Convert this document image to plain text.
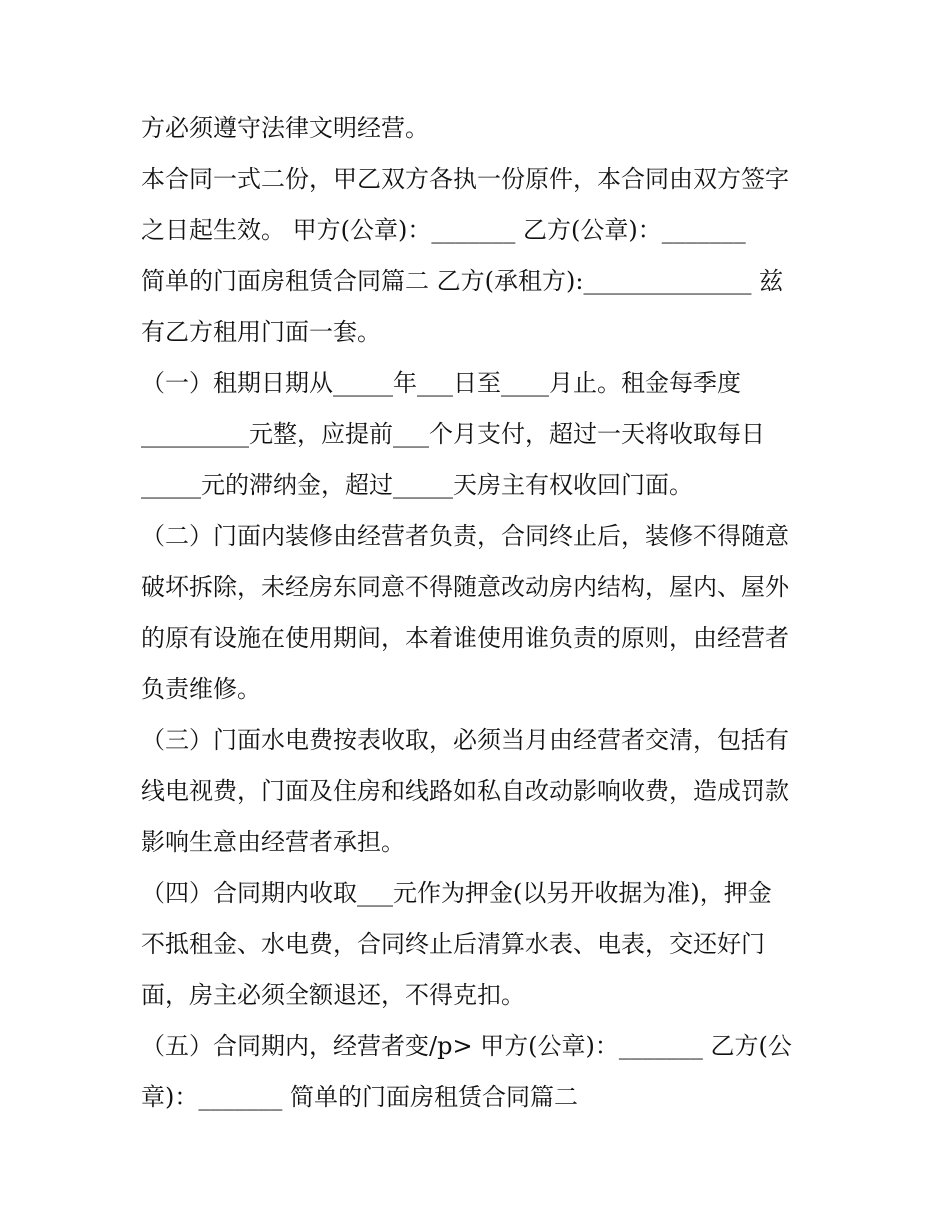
方必须遵守法律文明经营。
本合同一式二份，甲乙双方各执一份原件，本合同由双方签字
之日起生效。 甲方(公章)：_______ 乙方(公章)：_______
简单的门面房租赁合同篇二 乙方(承租方):______________ 兹
有乙方租用门面一套。
（一）租期日期从_____年___日至____月止。租金每季度
_________元整，应提前___个月支付，超过一天将收取每日
_____元的滞纳金，超过_____天房主有权收回门面。
（二）门面内装修由经营者负责，合同终止后，装修不得随意
破坏拆除，未经房东同意不得随意改动房内结构，屋内、屋外
的原有设施在使用期间，本着谁使用谁负责的原则，由经营者
负责维修。
（三）门面水电费按表收取，必须当月由经营者交清，包括有
线电视费，门面及住房和线路如私自改动影响收费，造成罚款
影响生意由经营者承担。
（四）合同期内收取___元作为押金(以另开收据为准)，押金
不抵租金、水电费，合同终止后清算水表、电表，交还好门
面，房主必须全额退还，不得克扣。
（五）合同期内，经营者变/p> 甲方(公章)：_______ 乙方(公
章)：_______ 简单的门面房租赁合同篇二
